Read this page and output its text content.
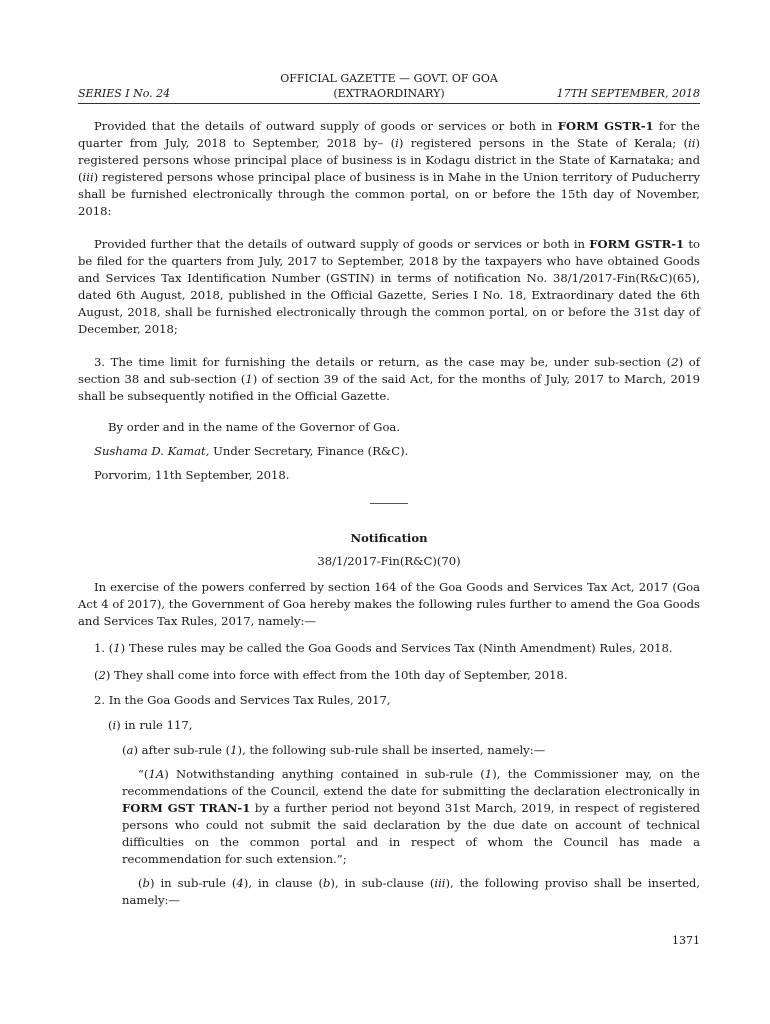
OFFICIAL GAZETTE — GOVT. OF GOA
(EXTRAORDINARY)
SERIES I No. 24	17TH SEPTEMBER, 2018

Provided that the details of outward supply of goods or services or both in FORM GSTR-1 for the quarter from July, 2018 to September, 2018 by– (i) registered persons in the State of Kerala; (ii) registered persons whose principal place of business is in Kodagu district in the State of Karnataka; and (iii) registered persons whose principal place of business is in Mahe in the Union territory of Puducherry shall be furnished electronically through the common portal, on or before the 15th day of November, 2018:

Provided further that the details of outward supply of goods or services or both in FORM GSTR-1 to be filed for the quarters from July, 2017 to September, 2018 by the taxpayers who have obtained Goods and Services Tax Identification Number (GSTIN) in terms of notification No. 38/1/2017-Fin(R&C)(65), dated 6th August, 2018, published in the Official Gazette, Series I No. 18, Extraordinary dated the 6th August, 2018, shall be furnished electronically through the common portal, on or before the 31st day of December, 2018;

3. The time limit for furnishing the details or return, as the case may be, under sub-section (2) of section 38 and sub-section (1) of section 39 of the said Act, for the months of July, 2017 to March, 2019 shall be subsequently notified in the Official Gazette.

By order and in the name of the Governor of Goa.

Sushama D. Kamat, Under Secretary, Finance (R&C).

Porvorim, 11th September, 2018.

Notification

38/1/2017-Fin(R&C)(70)

In exercise of the powers conferred by section 164 of the Goa Goods and Services Tax Act, 2017 (Goa Act 4 of 2017), the Government of Goa hereby makes the following rules further to amend the Goa Goods and Services Tax Rules, 2017, namely:—

1. (1) These rules may be called the Goa Goods and Services Tax (Ninth Amendment) Rules, 2018.

(2) They shall come into force with effect from the 10th day of September, 2018.

2. In the Goa Goods and Services Tax Rules, 2017,

(i) in rule 117,

(a) after sub-rule (1), the following sub-rule shall be inserted, namely:—

“(1A) Notwithstanding anything contained in sub-rule (1), the Commissioner may, on the recommendations of the Council, extend the date for submitting the declaration electronically in FORM GST TRAN-1 by a further period not beyond 31st March, 2019, in respect of registered persons who could not submit the said declaration by the due date on account of technical difficulties on the common portal and in respect of whom the Council has made a recommendation for such extension.”;

(b) in sub-rule (4), in clause (b), in sub-clause (iii), the following proviso shall be inserted, namely:—

1371
